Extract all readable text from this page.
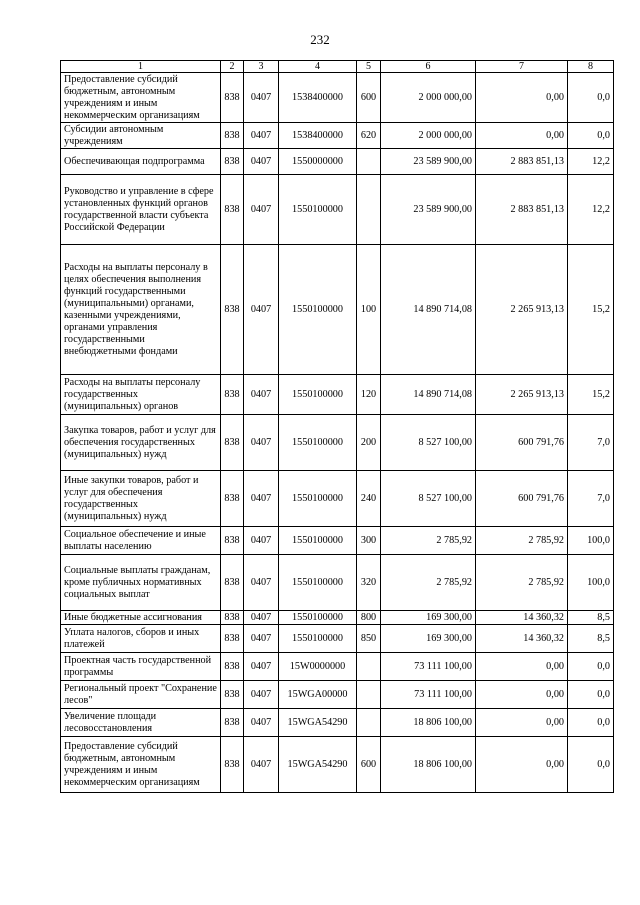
232
1	2	3	4	5	6	7	8
Предоставление субсидий бюджетным, автономным учреждениям и иным некоммерческим организациям	838	0407	1538400000	600	2 000 000,00	0,00	0,0
Субсидии автономным учреждениям	838	0407	1538400000	620	2 000 000,00	0,00	0,0
Обеспечивающая подпрограмма	838	0407	1550000000		23 589 900,00	2 883 851,13	12,2
Руководство и управление в сфере установленных функций органов государственной власти субъекта Российской Федерации	838	0407	1550100000		23 589 900,00	2 883 851,13	12,2
Расходы на выплаты персоналу в целях обеспечения выполнения функций государственными (муниципальными) органами, казенными учреждениями, органами управления государственными внебюджетными фондами	838	0407	1550100000	100	14 890 714,08	2 265 913,13	15,2
Расходы на выплаты персоналу государственных (муниципальных) органов	838	0407	1550100000	120	14 890 714,08	2 265 913,13	15,2
Закупка товаров, работ и услуг для обеспечения государственных (муниципальных) нужд	838	0407	1550100000	200	8 527 100,00	600 791,76	7,0
Иные закупки товаров, работ и услуг для обеспечения государственных (муниципальных) нужд	838	0407	1550100000	240	8 527 100,00	600 791,76	7,0
Социальное обеспечение и иные выплаты населению	838	0407	1550100000	300	2 785,92	2 785,92	100,0
Социальные выплаты гражданам, кроме публичных нормативных социальных выплат	838	0407	1550100000	320	2 785,92	2 785,92	100,0
Иные бюджетные ассигнования	838	0407	1550100000	800	169 300,00	14 360,32	8,5
Уплата налогов, сборов и иных платежей	838	0407	1550100000	850	169 300,00	14 360,32	8,5
Проектная часть государственной программы	838	0407	15W0000000		73 111 100,00	0,00	0,0
Региональный проект "Сохранение лесов"	838	0407	15WGA00000		73 111 100,00	0,00	0,0
Увеличение площади лесовосстановления	838	0407	15WGA54290		18 806 100,00	0,00	0,0
Предоставление субсидий бюджетным, автономным учреждениям и иным некоммерческим организациям	838	0407	15WGA54290	600	18 806 100,00	0,00	0,0
